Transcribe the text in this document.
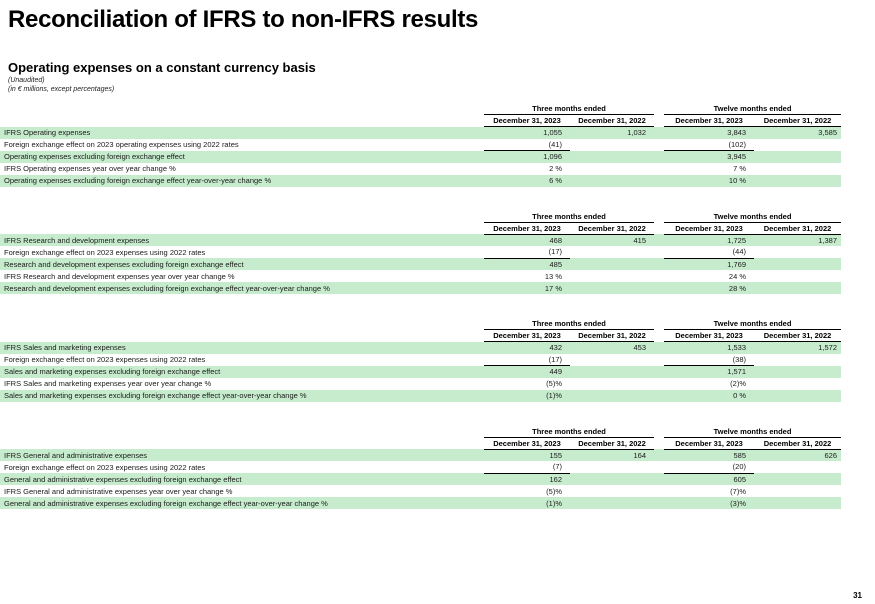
Reconciliation of IFRS to non-IFRS results
Operating expenses on a constant currency basis
(Unaudited)
(in € millions, except percentages)
	Three months ended			Twelve months ended	
	December 31, 2023	December 31, 2022		December 31, 2023	December 31, 2022
IFRS Operating expenses	1,055	1,032		3,843	3,585
Foreign exchange effect on 2023 operating expenses using 2022 rates	(41)			(102)	
Operating expenses excluding foreign exchange effect	1,096			3,945	
IFRS Operating expenses year over year change %	2 %			7 %	
Operating expenses excluding foreign exchange effect year-over-year change %	6 %			10 %	
	Three months ended			Twelve months ended	
	December 31, 2023	December 31, 2022		December 31, 2023	December 31, 2022
IFRS Research and development expenses	468	415		1,725	1,387
Foreign exchange effect on 2023 expenses using 2022 rates	(17)			(44)	
Research and development expenses excluding foreign exchange effect	485			1,769	
IFRS Research and development expenses year over year change %	13 %			24 %	
Research and development expenses excluding foreign exchange effect year-over-year change %	17 %			28 %	
	Three months ended			Twelve months ended	
	December 31, 2023	December 31, 2022		December 31, 2023	December 31, 2022
IFRS Sales and marketing expenses	432	453		1,533	1,572
Foreign exchange effect on 2023 expenses using 2022 rates	(17)			(38)	
Sales and marketing expenses excluding foreign exchange effect	449			1,571	
IFRS Sales and marketing expenses year over year change %	(5)%			(2)%	
Sales and marketing expenses excluding foreign exchange effect year-over-year change %	(1)%			0 %	
	Three months ended			Twelve months ended	
	December 31, 2023	December 31, 2022		December 31, 2023	December 31, 2022
IFRS General and administrative expenses	155	164		585	626
Foreign exchange effect on 2023 expenses using 2022 rates	(7)			(20)	
General and administrative expenses excluding foreign exchange effect	162			605	
IFRS General and administrative expenses year over year change %	(5)%			(7)%	
General and administrative expenses excluding foreign exchange effect year-over-year change %	(1)%			(3)%	
31
